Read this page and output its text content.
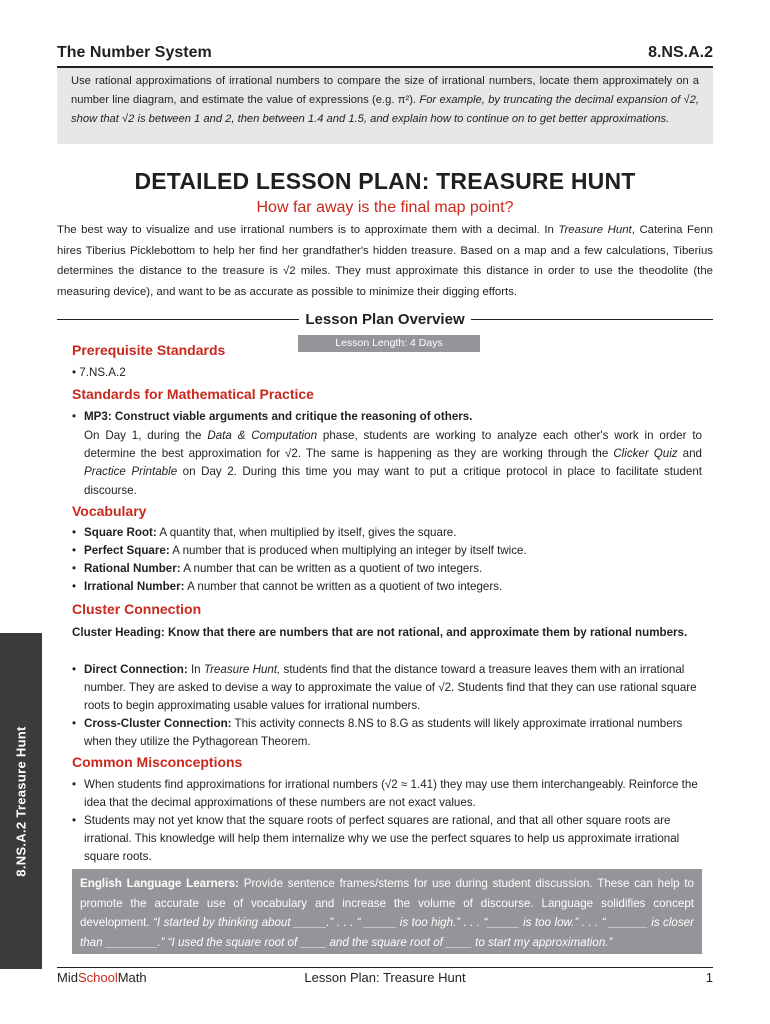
8.NS.A.2 Treasure Hunt
The Number System	8.NS.A.2
Use rational approximations of irrational numbers to compare the size of irrational numbers, locate them approximately on a number line diagram, and estimate the value of expressions (e.g. π²). For example, by truncating the decimal expansion of √2, show that √2 is between 1 and 2, then between 1.4 and 1.5, and explain how to continue on to get better approximations.
DETAILED LESSON PLAN: TREASURE HUNT
How far away is the final map point?
The best way to visualize and use irrational numbers is to approximate them with a decimal. In Treasure Hunt, Caterina Fenn hires Tiberius Picklebottom to help her find her grandfather's hidden treasure. Based on a map and a few calculations, Tiberius determines the distance to the treasure is √2 miles. They must approximate this distance in order to use the theodolite (the measuring device), and want to be as accurate as possible to minimize their digging efforts.
Lesson Plan Overview
Lesson Length: 4 Days
Prerequisite Standards
• 7.NS.A.2
Standards for Mathematical Practice
• MP3: Construct viable arguments and critique the reasoning of others.
On Day 1, during the Data & Computation phase, students are working to analyze each other's work in order to determine the best approximation for √2. The same is happening as they are working through the Clicker Quiz and Practice Printable on Day 2. During this time you may want to put a critique protocol in place to facilitate student discourse.
Vocabulary
• Square Root: A quantity that, when multiplied by itself, gives the square.
• Perfect Square: A number that is produced when multiplying an integer by itself twice.
• Rational Number: A number that can be written as a quotient of two integers.
• Irrational Number: A number that cannot be written as a quotient of two integers.
Cluster Connection
Cluster Heading: Know that there are numbers that are not rational, and approximate them by rational numbers.
• Direct Connection: In Treasure Hunt, students find that the distance toward a treasure leaves them with an irrational number. They are asked to devise a way to approximate the value of √2. Students find that they can use rational square roots to begin approximating usable values for irrational numbers.
• Cross-Cluster Connection: This activity connects 8.NS to 8.G as students will likely approximate irrational numbers when they utilize the Pythagorean Theorem.
Common Misconceptions
• When students find approximations for irrational numbers (√2 ≈ 1.41) they may use them interchangeably. Reinforce the idea that the decimal approximations of these numbers are not exact values.
• Students may not yet know that the square roots of perfect squares are rational, and that all other square roots are irrational. This knowledge will help them internalize why we use the perfect squares to help us approximate irrational square roots.
English Language Learners: Provide sentence frames/stems for use during student discussion. These can help to promote the accurate use of vocabulary and increase the volume of discourse. Language solidifies concept development. “I started by thinking about _____.” . . . “ _____ is too high.” . . . “_____ is too low.” . . . “ ______ is closer than ________.” “I used the square root of ____ and the square root of ____ to start my approximation.”
MidSchoolMath	Lesson Plan: Treasure Hunt	1
